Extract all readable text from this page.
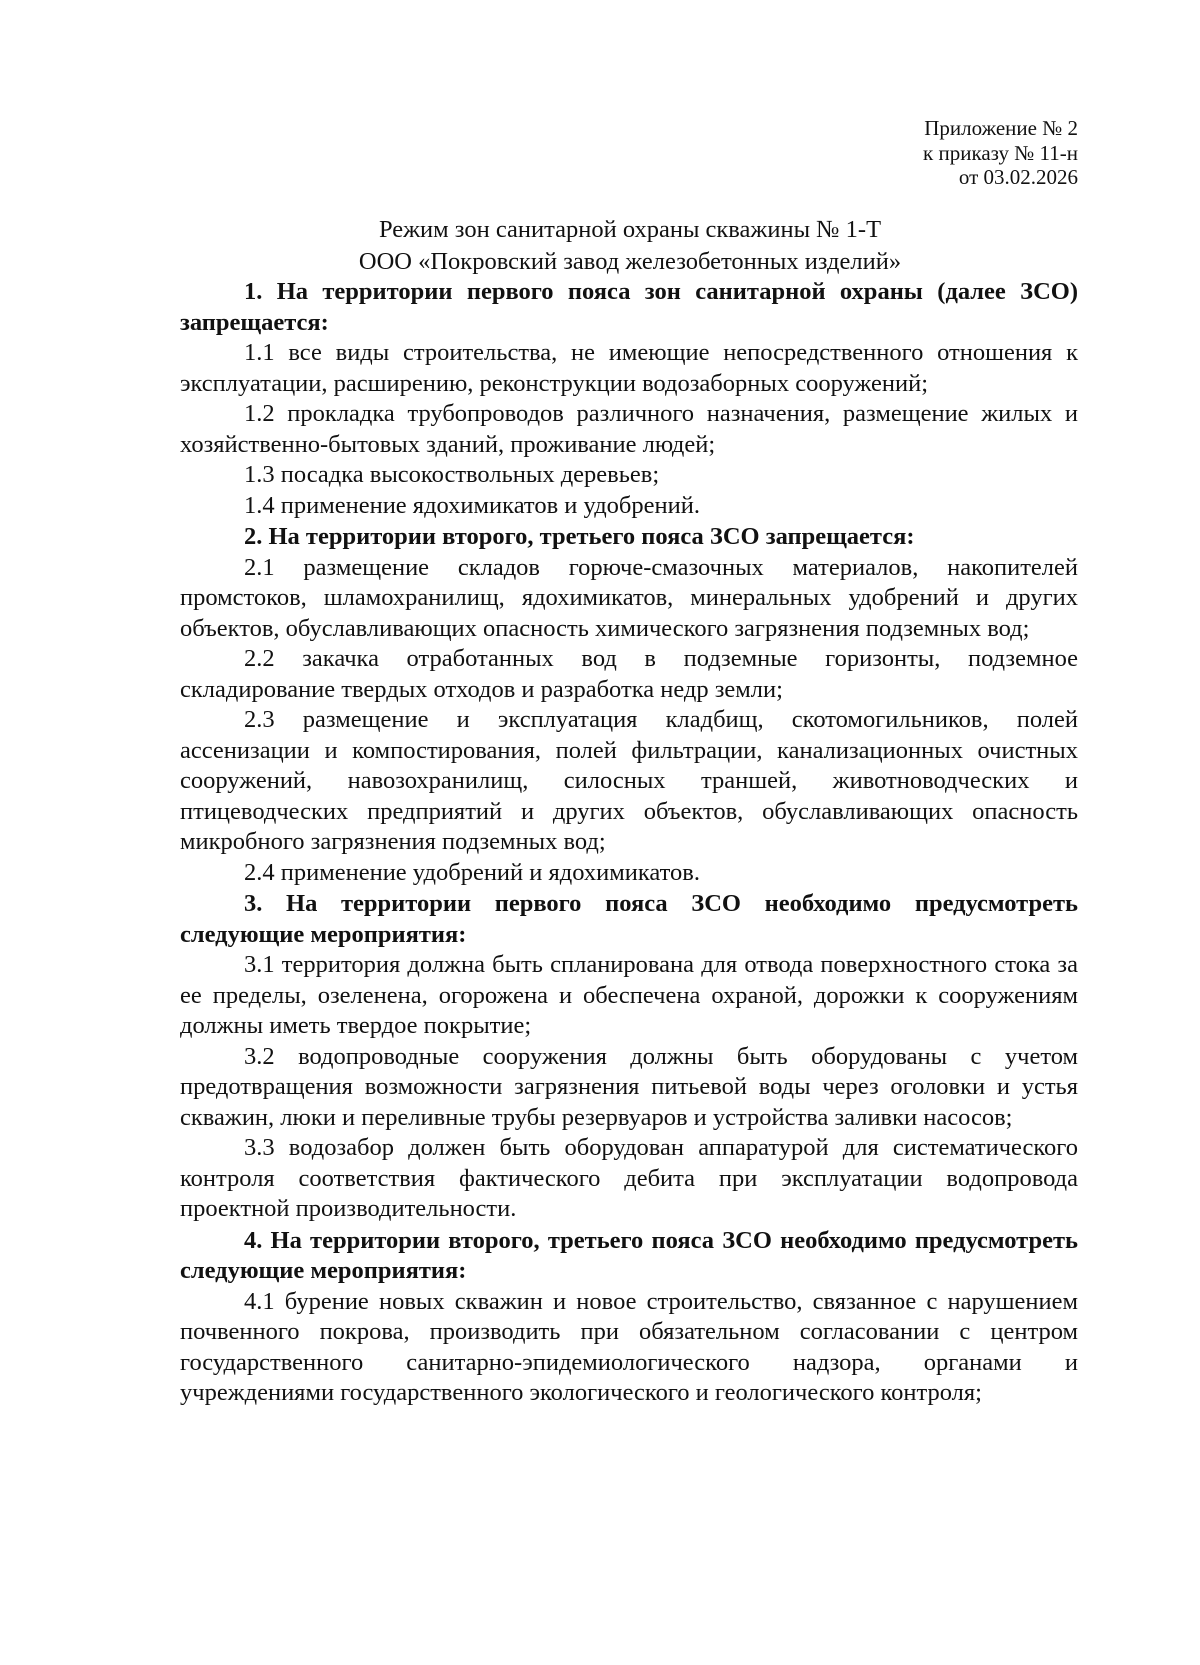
Приложение № 2
к приказу № 11-н
от 03.02.2026
Режим зон санитарной охраны скважины № 1-Т
ООО «Покровский завод железобетонных изделий»

1. На территории первого пояса зон санитарной охраны (далее ЗСО) запрещается:

1.1 все виды строительства, не имеющие непосредственного отношения к эксплуатации, расширению, реконструкции водозаборных сооружений;

1.2 прокладка трубопроводов различного назначения, размещение жилых и хозяйственно-бытовых зданий, проживание людей;

1.3 посадка высокоствольных деревьев;

1.4 применение ядохимикатов и удобрений.

2. На территории второго, третьего пояса ЗСО запрещается:

2.1 размещение складов горюче-смазочных материалов, накопителей промстоков, шламохранилищ, ядохимикатов, минеральных удобрений и других объектов, обуславливающих опасность химического загрязнения подземных вод;

2.2 закачка отработанных вод в подземные горизонты, подземное складирование твердых отходов и разработка недр земли;

2.3 размещение и эксплуатация кладбищ, скотомогильников, полей ассенизации и компостирования, полей фильтрации, канализационных очистных сооружений, навозохранилищ, силосных траншей, животноводческих и птицеводческих предприятий и других объектов, обуславливающих опасность микробного загрязнения подземных вод;

2.4 применение удобрений и ядохимикатов.

3. На территории первого пояса ЗСО необходимо предусмотреть следующие мероприятия:

3.1 территория должна быть спланирована для отвода поверхностного стока за ее пределы, озеленена, огорожена и обеспечена охраной, дорожки к сооружениям должны иметь твердое покрытие;

3.2 водопроводные сооружения должны быть оборудованы с учетом предотвращения возможности загрязнения питьевой воды через оголовки и устья скважин, люки и переливные трубы резервуаров и устройства заливки насосов;

3.3 водозабор должен быть оборудован аппаратурой для систематического контроля соответствия фактического дебита при эксплуатации водопровода проектной производительности.

4. На территории второго, третьего пояса ЗСО необходимо предусмотреть следующие мероприятия:

4.1 бурение новых скважин и новое строительство, связанное с нарушением почвенного покрова, производить при обязательном согласовании с центром государственного санитарно-эпидемиологического надзора, органами и учреждениями государственного экологического и геологического контроля;
